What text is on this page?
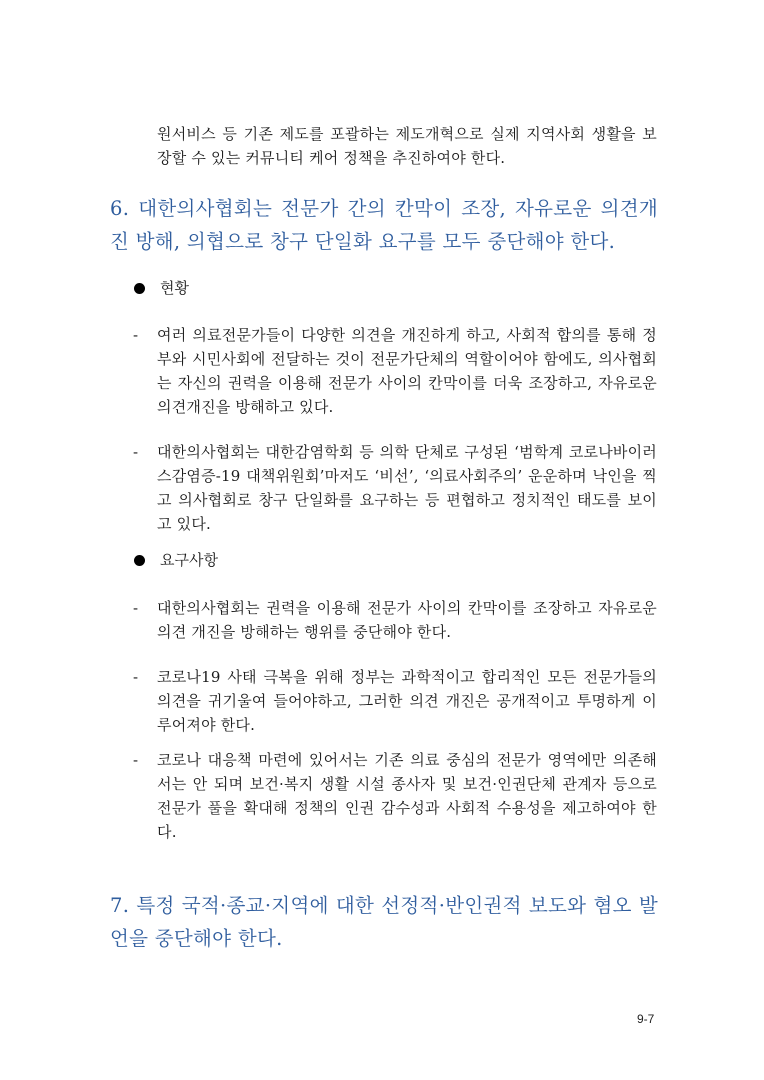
원서비스 등 기존 제도를 포괄하는 제도개혁으로 실제 지역사회 생활을 보장할 수 있는 커뮤니티 케어 정책을 추진하여야 한다.

6. 대한의사협회는 전문가 간의 칸막이 조장, 자유로운 의견개진 방해, 의협으로 창구 단일화 요구를 모두 중단해야 한다.
현황
- 여러 의료전문가들이 다양한 의견을 개진하게 하고, 사회적 합의를 통해 정부와 시민사회에 전달하는 것이 전문가단체의 역할이어야 함에도, 의사협회는 자신의 권력을 이용해 전문가 사이의 칸막이를 더욱 조장하고, 자유로운 의견개진을 방해하고 있다.

- 대한의사협회는 대한감염학회 등 의학 단체로 구성된 ‘범학계 코로나바이러스감염증-19 대책위원회’마저도 ‘비선’, ‘의료사회주의’ 운운하며 낙인을 찍고 의사협회로 창구 단일화를 요구하는 등 편협하고 정치적인 태도를 보이고 있다.

요구사항
- 대한의사협회는 권력을 이용해 전문가 사이의 칸막이를 조장하고 자유로운 의견 개진을 방해하는 행위를 중단해야 한다.

- 코로나19 사태 극복을 위해 정부는 과학적이고 합리적인 모든 전문가들의 의견을 귀기울여 들어야하고, 그러한 의견 개진은 공개적이고 투명하게 이루어져야 한다.

- 코로나 대응책 마련에 있어서는 기존 의료 중심의 전문가 영역에만 의존해서는 안 되며 보건·복지 생활 시설 종사자 및 보건·인권단체 관계자 등으로 전문가 풀을 확대해 정책의 인권 감수성과 사회적 수용성을 제고하여야 한다.

7. 특정 국적·종교·지역에 대한 선정적·반인권적 보도와 혐오 발언을 중단해야 한다.
9-7
